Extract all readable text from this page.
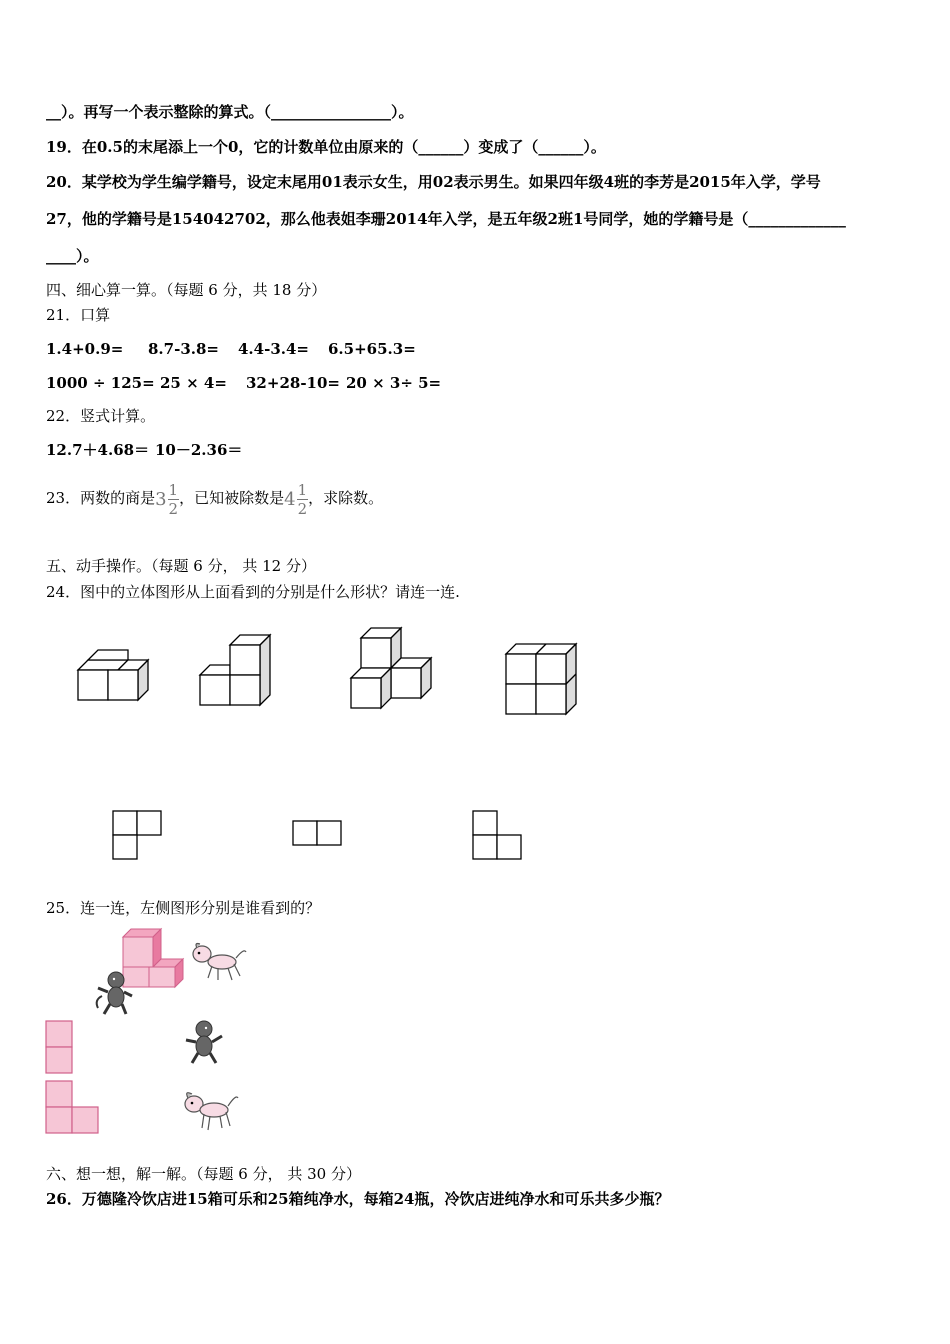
__）。再写一个表示整除的算式。（________________）。
19．在0.5的末尾添上一个0，它的计数单位由原来的（______）变成了（______）。
20．某学校为学生编学籍号，设定末尾用01表示女生，用02表示男生。如果四年级4班的李芳是2015年入学，学号
27，他的学籍号是154042702，那么他表姐李珊2014年入学，是五年级2班1号同学，她的学籍号是（_____________
____）。
四、细心算一算。（每题 6 分，共 18 分）
21．口算
1.4+0.9= 8.7-3.8= 4.4-3.4= 6.5+65.3=
1000 ÷ 125= 25 × 4= 32+28-10= 20 × 3÷ 5=
22．竖式计算。
12.7＋4.68＝ 10－2.36＝
23．两数的商是$3 \frac{1}{2}$ ，已知被除数是$4 \frac{1}{2}$ ，求除数。
五、动手操作。（每题 6 分， 共 12 分）
24．图中的立体图形从上面看到的分别是什么形状？请连一连.
25．连一连，左侧图形分别是谁看到的？
六、想一想，解一解。（每题 6 分， 共 30 分）
26．万德隆冷饮店进15箱可乐和25箱纯净水，每箱24瓶，冷饮店进纯净水和可乐共多少瓶？
